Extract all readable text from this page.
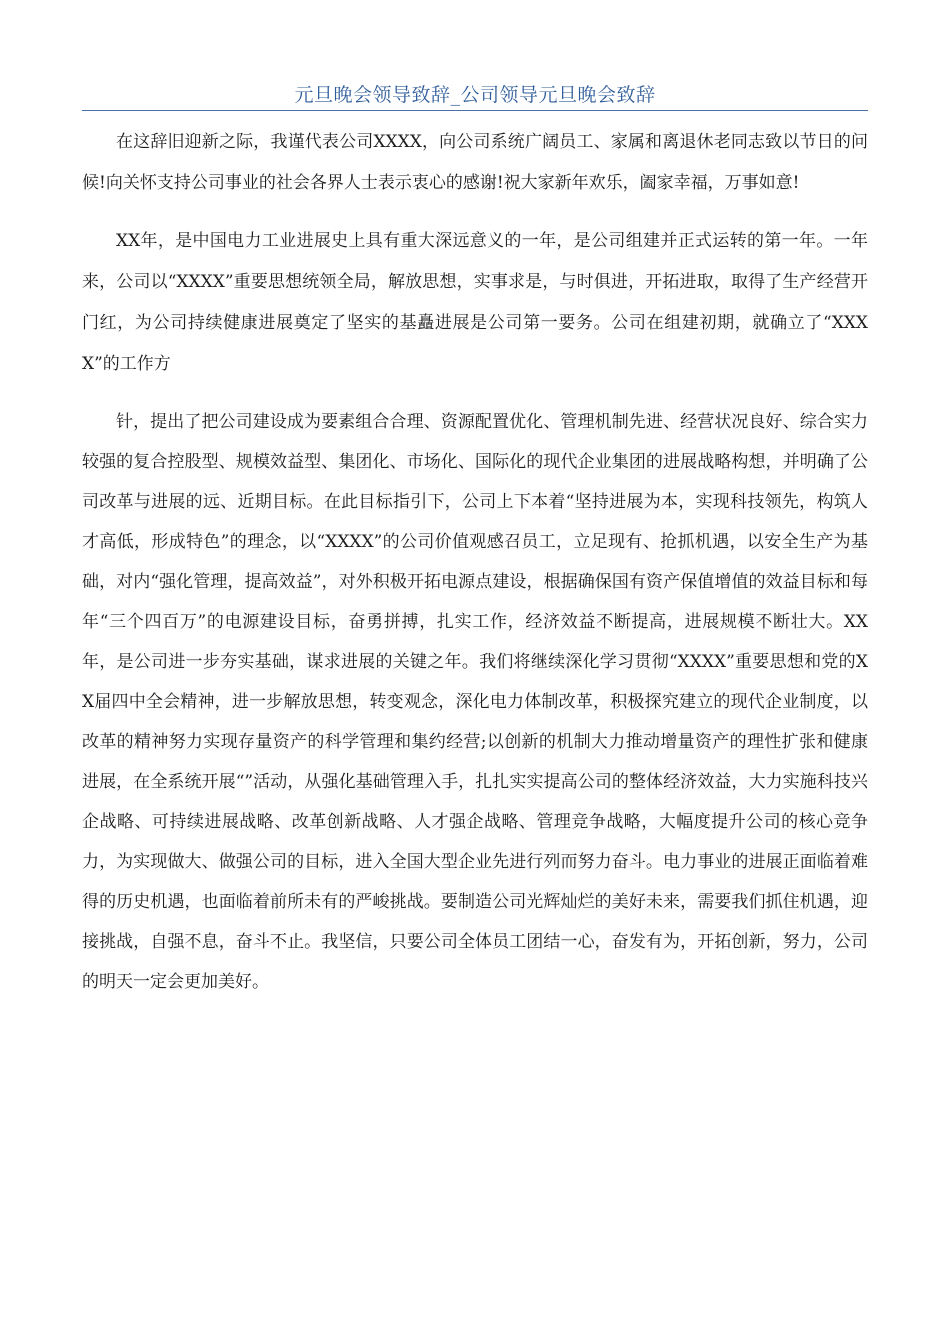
元旦晚会领导致辞_公司领导元旦晚会致辞

在这辞旧迎新之际，我谨代表公司XXXX，向公司系统广阔员工、家属和离退休老同志致以节日的问候!向关怀支持公司事业的社会各界人士表示衷心的感谢!祝大家新年欢乐，阖家幸福，万事如意!

XX年，是中国电力工业进展史上具有重大深远意义的一年，是公司组建并正式运转的第一年。一年来，公司以“XXXX”重要思想统领全局，解放思想，实事求是，与时俱进，开拓进取，取得了生产经营开门红，为公司持续健康进展奠定了坚实的基矗进展是公司第一要务。公司在组建初期，就确立了“XXXX”的工作方

针，提出了把公司建设成为要素组合合理、资源配置优化、管理机制先进、经营状况良好、综合实力较强的复合控股型、规模效益型、集团化、市场化、国际化的现代企业集团的进展战略构想，并明确了公司改革与进展的远、近期目标。在此目标指引下，公司上下本着“坚持进展为本，实现科技领先，构筑人才高低，形成特色”的理念，以“XXXX”的公司价值观感召员工，立足现有、抢抓机遇，以安全生产为基础，对内“强化管理，提高效益”，对外积极开拓电源点建设，根据确保国有资产保值增值的效益目标和每年“三个四百万”的电源建设目标，奋勇拼搏，扎实工作，经济效益不断提高，进展规模不断壮大。XX年，是公司进一步夯实基础，谋求进展的关键之年。我们将继续深化学习贯彻“XXXX”重要思想和党的XX届四中全会精神，进一步解放思想，转变观念，深化电力体制改革，积极探究建立的现代企业制度，以改革的精神努力实现存量资产的科学管理和集约经营;以创新的机制大力推动增量资产的理性扩张和健康进展，在全系统开展“”活动，从强化基础管理入手，扎扎实实提高公司的整体经济效益，大力实施科技兴企战略、可持续进展战略、改革创新战略、人才强企战略、管理竞争战略，大幅度提升公司的核心竞争力，为实现做大、做强公司的目标，进入全国大型企业先进行列而努力奋斗。电力事业的进展正面临着难得的历史机遇，也面临着前所未有的严峻挑战。要制造公司光辉灿烂的美好未来，需要我们抓住机遇，迎接挑战，自强不息，奋斗不止。我坚信，只要公司全体员工团结一心，奋发有为，开拓创新，努力，公司的明天一定会更加美好。
